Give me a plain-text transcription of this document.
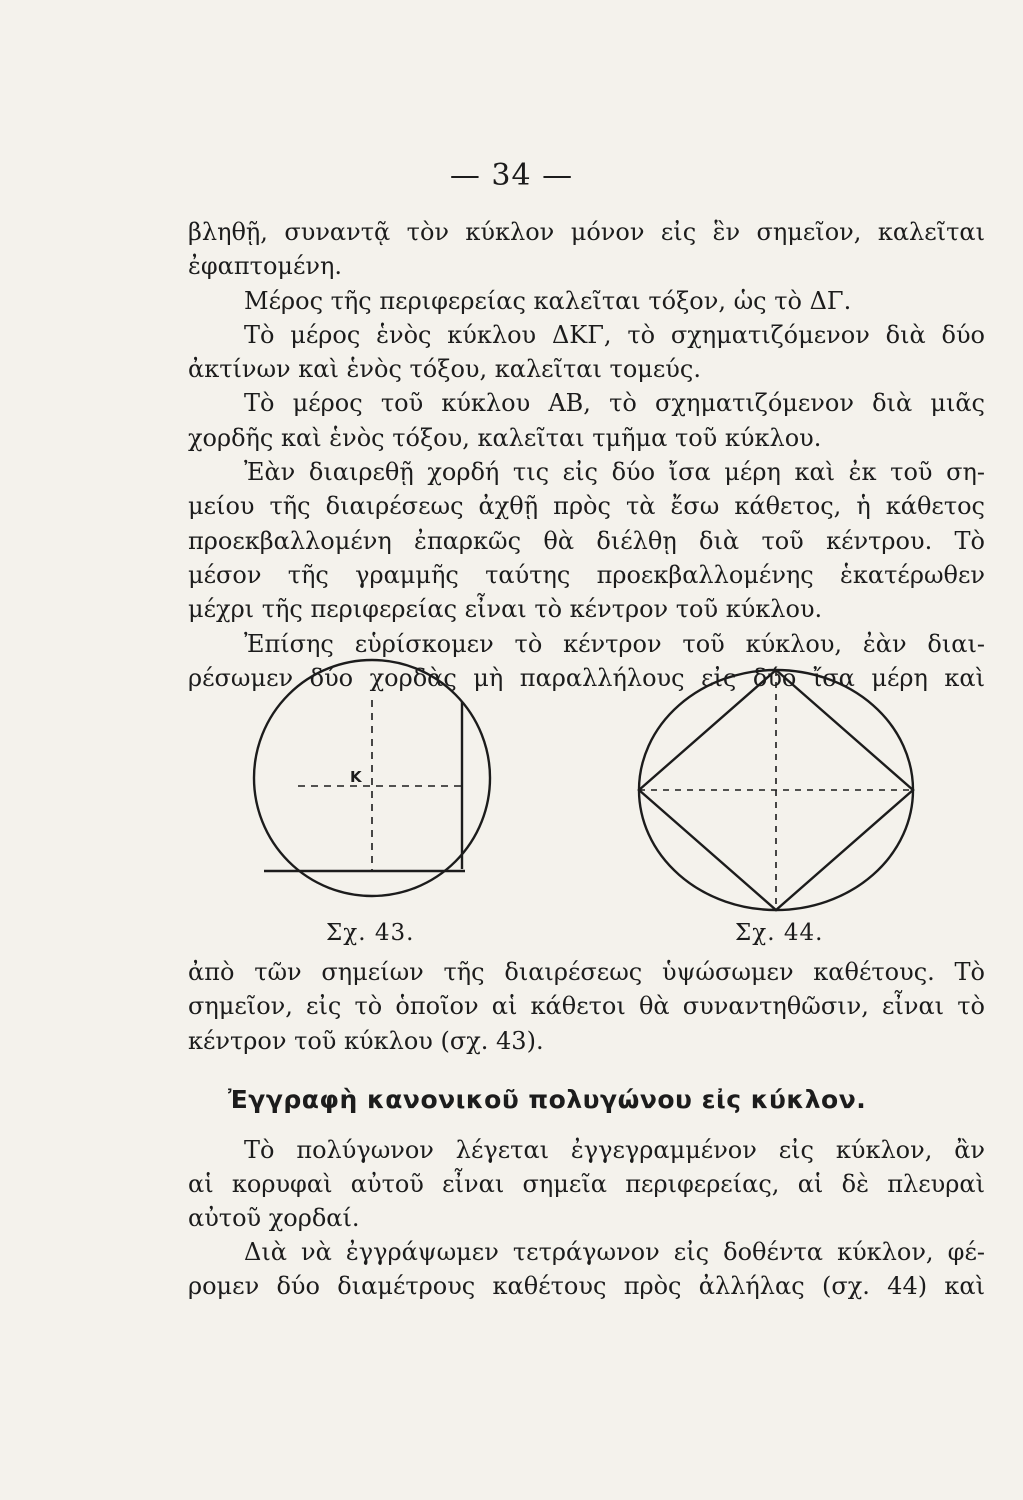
— 34 —

βληθῇ, συναντᾷ τὸν κύκλον μόνον εἰς ἓν σημεῖον, καλεῖται

ἐφαπτομένη.

Μέρος τῆς περιφερείας καλεῖται τόξον, ὡς τὸ ΔΓ.

Τὸ μέρος ἑνὸς κύκλου ΔΚΓ, τὸ σχηματιζόμενον διὰ δύο

ἀκτίνων καὶ ἑνὸς τόξου, καλεῖται τομεύς.

Τὸ μέρος τοῦ κύκλου ΑΒ, τὸ σχηματιζόμενον διὰ μιᾶς

χορδῆς καὶ ἑνὸς τόξου, καλεῖται τμῆμα τοῦ κύκλου.

Ἐὰν διαιρεθῇ χορδή τις εἰς δύο ἴσα μέρη καὶ ἐκ τοῦ ση-

μείου τῆς διαιρέσεως ἀχθῇ πρὸς τὰ ἔσω κάθετος, ἡ κάθετος

προεκβαλλομένη ἐπαρκῶς θὰ διέλθῃ διὰ τοῦ κέντρου. Τὸ

μέσον τῆς γραμμῆς ταύτης προεκβαλλομένης ἑκατέρωθεν

μέχρι τῆς περιφερείας εἶναι τὸ κέντρον τοῦ κύκλου.

Ἐπίσης εὑρίσκομεν τὸ κέντρον τοῦ κύκλου, ἐὰν διαι-

ρέσωμεν δύο χορδὰς μὴ παραλλήλους εἰς δύο ἴσα μέρη καὶ

Κ
Σχ. 43.	Σχ. 44.

ἀπὸ τῶν σημείων τῆς διαιρέσεως ὑψώσωμεν καθέτους. Τὸ

σημεῖον, εἰς τὸ ὁποῖον αἱ κάθετοι θὰ συναντηθῶσιν, εἶναι τὸ

κέντρον τοῦ κύκλου (σχ. 43).

Ἐγγραφὴ κανονικοῦ πολυγώνου εἰς κύκλον.

Τὸ πολύγωνον λέγεται ἐγγεγραμμένον εἰς κύκλον, ἂν

αἱ κορυφαὶ αὐτοῦ εἶναι σημεῖα περιφερείας, αἱ δὲ πλευραὶ

αὐτοῦ χορδαί.

Διὰ νὰ ἐγγράψωμεν τετράγωνον εἰς δοθέντα κύκλον, φέ-

ρομεν δύο διαμέτρους καθέτους πρὸς ἀλλήλας (σχ. 44) καὶ
